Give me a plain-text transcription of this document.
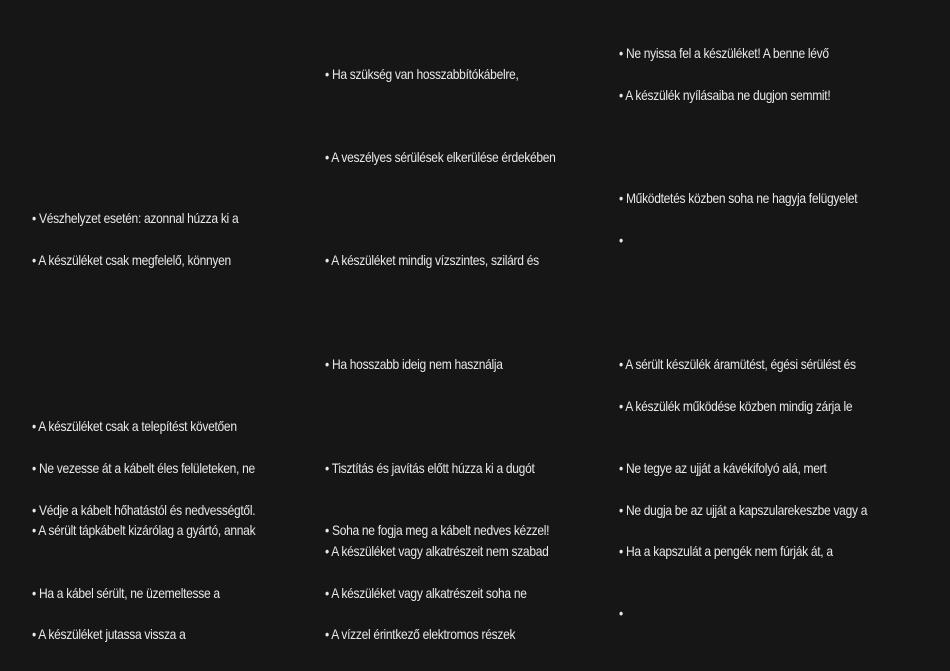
• Vészhelyzet esetén: azonnal húzza ki a
• A készüléket csak megfelelő, könnyen
• A készüléket csak a telepítést követően
• Ne vezesse át a kábelt éles felületeken, ne
• Védje a kábelt hőhatástól és nedvességtől.
• A sérült tápkábelt kizárólag a gyártó, annak
• Ha a kábel sérült, ne üzemeltesse a
• A készüléket jutassa vissza a
• Ha szükség van hosszabbítókábelre,
• A veszélyes sérülések elkerülése érdekében
• A készüléket mindig vízszintes, szilárd és
• Ha hosszabb ideig nem használja
• Tisztítás és javítás előtt húzza ki a dugót
• Soha ne fogja meg a kábelt nedves kézzel!
• A készüléket vagy alkatrészeit nem szabad
• A készüléket vagy alkatrészeit soha ne
• A vízzel érintkező elektromos részek
• Ne nyissa fel a készüléket! A benne lévő
• A készülék nyílásaiba ne dugjon semmit!
• Működtetés közben soha ne hagyja felügyelet
•
• A sérült készülék áramütést, égési sérülést és
• A készülék működése közben mindig zárja le
• Ne tegye az ujját a kávékifolyó alá, mert
• Ne dugja be az ujját a kapszularekeszbe vagy a
• Ha a kapszulát a pengék nem fúrják át, a
•
